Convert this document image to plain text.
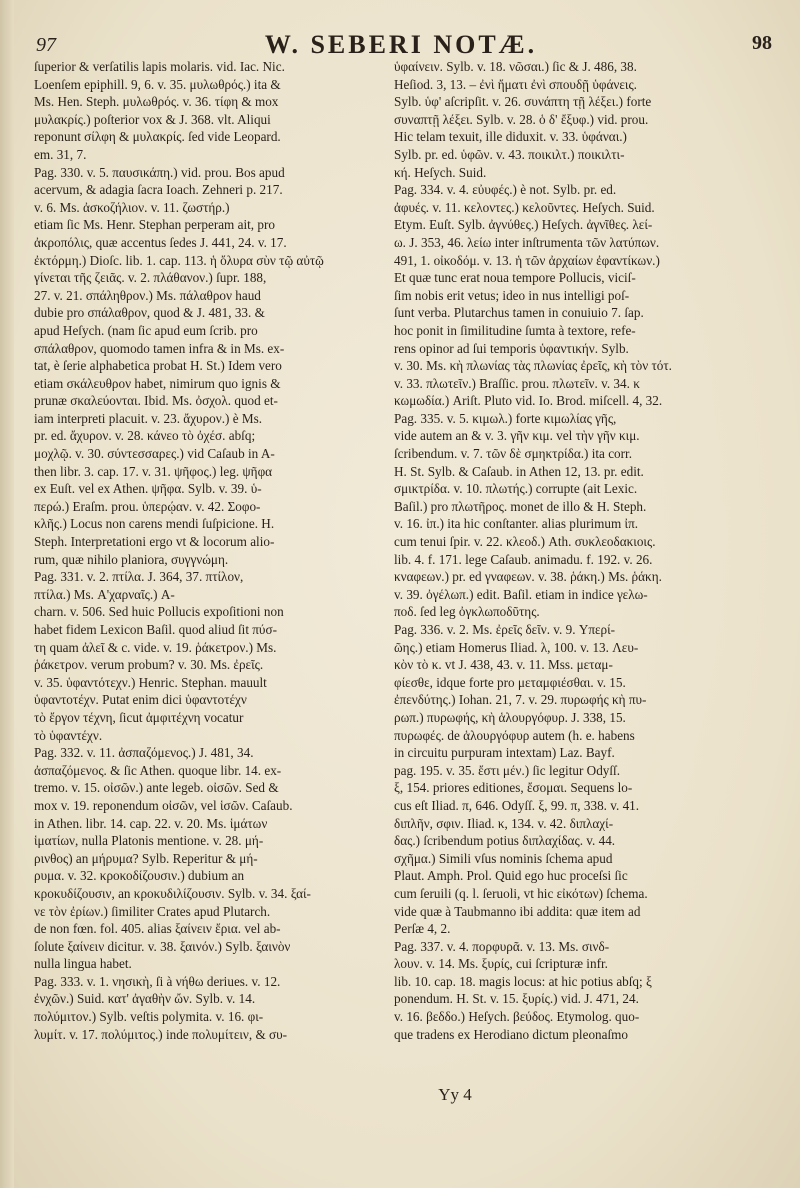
97	W. SEBERI NOTÆ.	98
ſuperior & verſatilis lapis molaris. vid. Iac. Nic.
Loenſem epiphill. 9, 6. v. 35. μυλωθρός.) ita &
Ms. Hen. Steph. μυλωθρός. v. 36. τίφη & mox
μυλακρίς.) poſterior vox & J. 368. vlt. Aliqui
reponunt σίλφη & μυλακρίς. ſed vide Leopard.
em. 31, 7.
Pag. 330. v. 5. παυσικάπη.) vid. prou. Bos apud
acervum, & adagia ſacra Ioach. Zehneri p. 217.
v. 6. Ms. ἀσκοζήλιον. v. 11. ζωστήρ.)
etiam ſic Ms. Henr. Stephan perperam ait, pro
ἀκροπόλις, quæ accentus ſedes J. 441, 24. v. 17.
ἐκτόρμη.) Dioſc. lib. 1. cap. 113. ἡ ὄλυρα σὺν τῷ αὐτῷ
γίνεται τῆς ζειᾶς. v. 2. πλάθανον.) ſupr. 188,
27. v. 21. σπάληθρον.) Ms. πάλαθρον haud
dubie pro σπάλαθρον, quod & J. 481, 33. &
apud Heſych. (nam ſic apud eum ſcrib. pro
σπάλαθρον, quomodo tamen infra & in Ms. ex-
tat, è ſerie alphabetica probat H. St.) Idem vero
etiam σκάλευθρον habet, nimirum quo ignis &
prunæ σκαλεύονται. Ibid. Ms. ὀσχολ. quod et-
iam interpreti placuit. v. 23. ἄχυρον.) è Ms.
pr. ed. ἄχυρον. v. 28. κάνεο τὸ ὀχέσ. abſq;
μοχλῷ. v. 30. σύντεσσαρες.) vid Caſaub in A-
then libr. 3. cap. 17. v. 31. ψῆφος.) leg. ψῆφα
ex Euſt. vel ex Athen. ψῆφα. Sylb. v. 39. ὑ-
περώ.) Eraſm. prou. ὑπερῴαν. v. 42. Σοφο-
κλῆς.) Locus non carens mendi ſuſpicione. H.
Steph. Interpretationi ergo vt & locorum alio-
rum, quæ nihilo planiora, συγγνώμη.
Pag. 331. v. 2. πτίλα. J. 364, 37. πτίλον,
πτίλα.) Ms. Α'χαρναῖς.) A-
charn. v. 506. Sed huic Pollucis expoſitioni non
habet fidem Lexicon Baſil. quod aliud ſit πύσ-
τη quam ἀλεῖ & c. vide. v. 19. ῥάκετρον.) Ms.
ῥάκετρον. verum probum? v. 30. Ms. ἐρεῖς.
v. 35. ὑφαντότεχν.) Henric. Stephan. mauult
ὑφαντοτέχν. Putat enim dici ὑφαντοτέχν
τὸ ἔργον τέχνη, ſicut ἀμφιτέχνη vocatur
τὸ ὑφαντέχν.
Pag. 332. v. 11. ἀσπαζόμενος.) J. 481, 34.
ἀσπαζόμενος. & ſic Athen. quoque libr. 14. ex-
tremo. v. 15. οἰσῶν.) ante legeb. οἰσῶν. Sed &
mox v. 19. reponendum οἰσῶν, vel ἱσῶν. Caſaub.
in Athen. libr. 14. cap. 22. v. 20. Ms. ἱμάτων
ἱματίων, nulla Platonis mentione. v. 28. μή-
ρινθος) an μήρυμα? Sylb. Reperitur & μή-
ρυμα. v. 32. κροκοδίζουσιν.) dubium an
κροκυδίζουσιν, an κροκυδιλίζουσιν. Sylb. v. 34. ξαί-
νε τὸν ἐρίων.) ſimiliter Crates apud Plutarch.
de non fœn. fol. 405. alias ξαίνειν ἔρια. vel ab-
ſolute ξαίνειν dicitur. v. 38. ξαινόν.) Sylb. ξαινὸν
nulla lingua habet.
Pag. 333. v. 1. νησικὴ, ſi à νήθω deriues. v. 12.
ἐνχῶν.) Suid. κατ' ἀγαθὴν ὤν. Sylb. v. 14.
πολύμιτον.) Sylb. veſtis polymita. v. 16. φι-
λυμίτ. v. 17. πολύμιτος.) inde πολυμίτειν, & συ-
ὑφαίνειν. Sylb. v. 18. νῶσαι.) ſic & J. 486, 38.
Heſiod. 3, 13. – ἐνὶ ἤματι ἐνὶ σπουδῇ ὑφάνεις.
Sylb. ὑφ' aſcripſit. v. 26. συνάπτη τῇ λέξει.) forte
συναπτῇ λέξει. Sylb. v. 28. ὁ δ' ἔξυφ.) vid. prou.
Hic telam texuit, ille diduxit. v. 33. ὑφάναι.)
Sylb. pr. ed. ὑφῶν. v. 43. ποικιλτ.) ποικιλτι-
κή. Heſych. Suid.
Pag. 334. v. 4. εὐυφές.) è not. Sylb. pr. ed.
ἀφυές. v. 11. κελοντες.) κελοῦντες. Heſych. Suid.
Etym. Euſt. Sylb. ἀγνύθες.) Heſych. ἀγνῖθες. λεί-
ω. J. 353, 46. λείω inter inſtrumenta τῶν λατύπων.
491, 1. οἰκοδόμ. v. 13. ἡ τῶν ἀρχαίων ἐφαντίκων.)
Et quæ tunc erat noua tempore Pollucis, viciſ-
ſim nobis erit vetus; ideo in nus intelligi poſ-
ſunt verba. Plutarchus tamen in conuiuio 7. ſap.
hoc ponit in ſimilitudine ſumta à textore, refe-
rens opinor ad ſui temporis ὑφαντικήν. Sylb.
v. 30. Ms. κὴ πλωνίας τὰς πλωνίας ἐρεῖς, κὴ τὸν τότ.
v. 33. πλωτεῖν.) Braſſic. prou. πλωτεῖν. v. 34. κ
κωμωδία.) Ariſt. Pluto vid. Io. Brod. miſcell. 4, 32.
Pag. 335. v. 5. κιμωλ.) forte κιμωλίας γῆς,
vide autem an & v. 3. γῆν κιμ. vel τὴν γῆν κιμ.
ſcribendum. v. 7. τῶν δὲ σμηκτρίδα.) ita corr.
H. St. Sylb. & Caſaub. in Athen 12, 13. pr. edit.
σμικτρίδα. v. 10. πλωτής.) corrupte (ait Lexic.
Baſil.) pro πλωτῆρος. monet de illo & H. Steph.
v. 16. ἰπ.) ita hic conſtanter. alias plurimum ἰπ.
cum tenui ſpir. v. 22. κλεοδ.) Ath. συκλεοδακιοις.
lib. 4. f. 171. lege Caſaub. animadu. f. 192. v. 26.
κναφεων.) pr. ed γναφεων. v. 38. ῥάκη.) Ms. ῥάκη.
v. 39. ὀγέλωπ.) edit. Baſil. etiam in indice γελω-
ποδ. ſed leg ὀγκλωποδῦτης.
Pag. 336. v. 2. Ms. ἐρεῖς δεῖν. v. 9. Υπερί-
ῶης.) etiam Homerus Iliad. λ, 100. v. 13. Λευ-
κὸν τὸ κ. vt J. 438, 43. v. 11. Mss. μεταμ-
φίεσθε, idque forte pro μεταμφιέσθαι. v. 15.
ἐπενδύτης.) Iohan. 21, 7. v. 29. πυρωφής κὴ πυ-
ρωπ.) πυρωφής, κὴ ἁλουργόφυρ. J. 338, 15.
πυρωφές. de ἁλουργόφυρ autem (h. e. habens
in circuitu purpuram intextam) Laz. Bayf.
pag. 195. v. 35. ἔστι μέν.) ſic legitur Odyſſ.
ξ, 154. priores editiones, ἔσομαι. Sequens lo-
cus eſt Iliad. π, 646. Odyſſ. ξ, 99. π, 338. v. 41.
διπλῆν, σφιν. Iliad. κ, 134. v. 42. διπλαχί-
δας.) ſcribendum potius διπλαχίδας. v. 44.
σχῆμα.) Simili vſus nominis ſchema apud
Plaut. Amph. Prol. Quid ego huc proceſsi ſic
cum ſeruili (q. l. ſeruoli, vt hic εἰκότων) ſchema.
vide quæ à Taubmanno ibi addita: quæ item ad
Perſæ 4, 2.
Pag. 337. v. 4. πορφυρᾶ. v. 13. Ms. σινδ-
λουν. v. 14. Ms. ξυρίς, cui ſcripturæ infr.
lib. 10. cap. 18. magis locus: at hic potius abſq; ξ
ponendum. H. St. v. 15. ξυρίς.) vid. J. 471, 24.
v. 16. βεδδο.) Heſych. βεύδος. Etymolog. quo-
que tradens ex Herodiano dictum pleonaſmo
Yy 4
